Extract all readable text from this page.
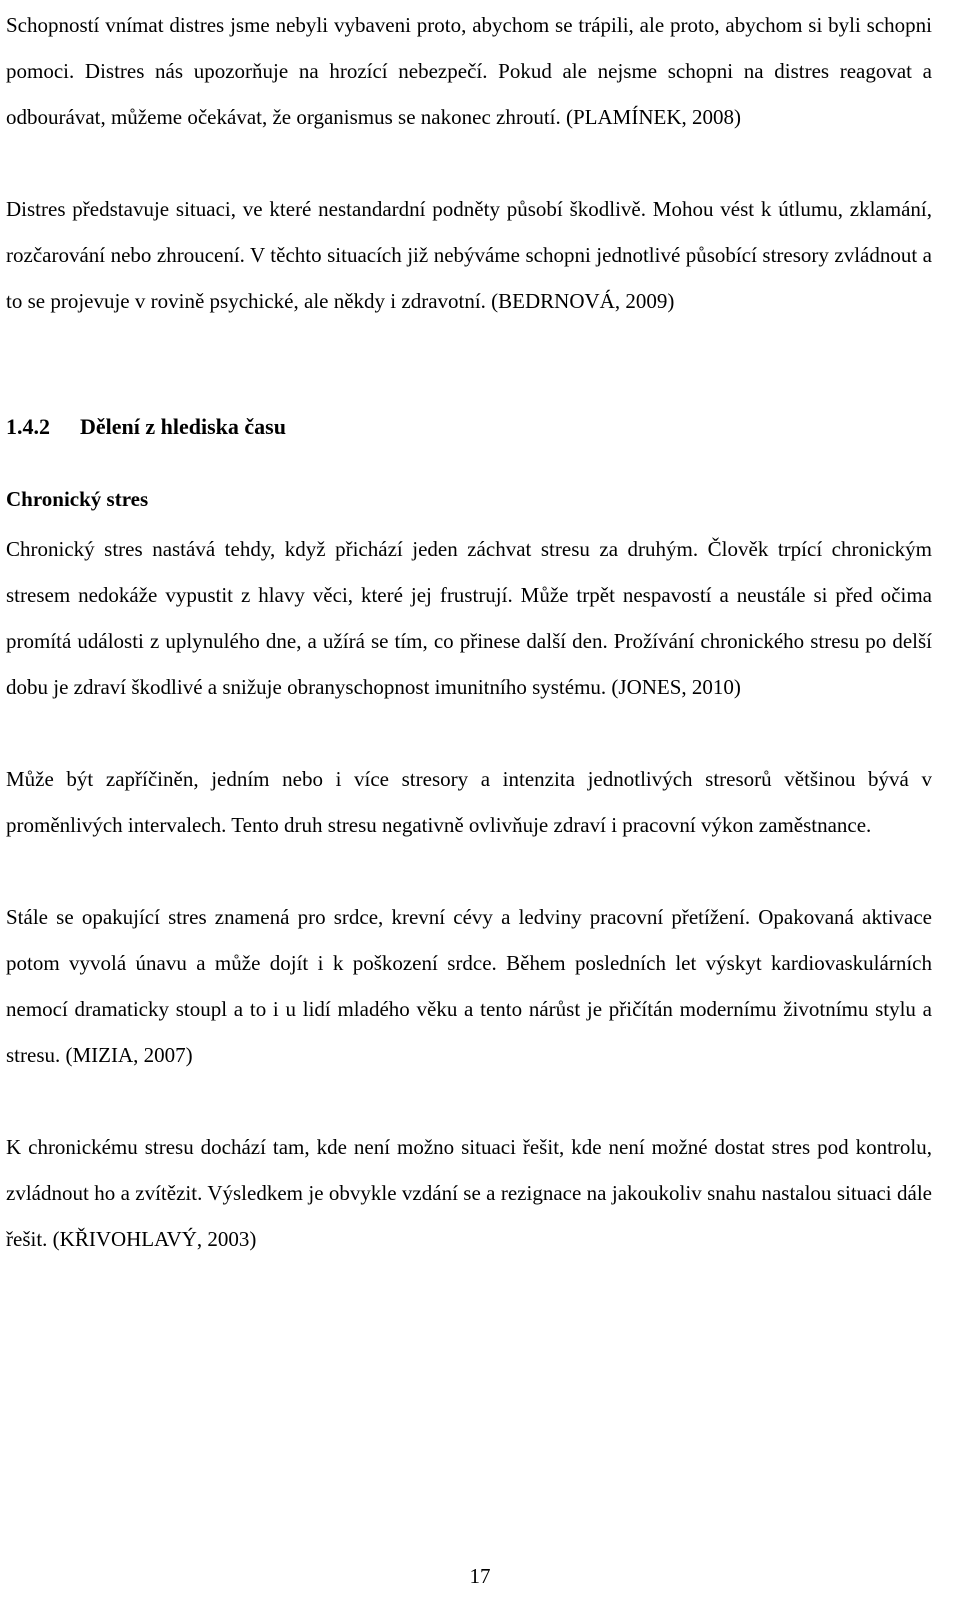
Schopností vnímat distres jsme nebyli vybaveni proto, abychom se trápili, ale proto, abychom si byli schopni pomoci. Distres nás upozorňuje na hrozící nebezpečí. Pokud ale nejsme schopni na distres reagovat a odbourávat, můžeme očekávat, že organismus se nakonec zhroutí. (PLAMÍNEK, 2008)

Distres představuje situaci, ve které nestandardní podněty působí škodlivě. Mohou vést k útlumu, zklamání, rozčarování nebo zhroucení. V těchto situacích již nebýváme schopni jednotlivé působící stresory zvládnout a to se projevuje v rovině psychické, ale někdy i zdravotní. (BEDRNOVÁ, 2009)

1.4.2 Dělení z hlediska času
Chronický stres

Chronický stres nastává tehdy, když přichází jeden záchvat stresu za druhým. Člověk trpící chronickým stresem nedokáže vypustit z hlavy věci, které jej frustrují. Může trpět nespavostí a neustále si před očima promítá události z uplynulého dne, a užírá se tím, co přinese další den. Prožívání chronického stresu po delší dobu je zdraví škodlivé a snižuje obranyschopnost imunitního systému. (JONES, 2010)

Může být zapříčiněn, jedním nebo i více stresory a intenzita jednotlivých stresorů většinou bývá v proměnlivých intervalech. Tento druh stresu negativně ovlivňuje zdraví i pracovní výkon zaměstnance.

Stále se opakující stres znamená pro srdce, krevní cévy a ledviny pracovní přetížení. Opakovaná aktivace potom vyvolá únavu a může dojít i k poškození srdce. Během posledních let výskyt kardiovaskulárních nemocí dramaticky stoupl a to i u lidí mladého věku a tento nárůst je přičítán modernímu životnímu stylu a stresu. (MIZIA, 2007)

K chronickému stresu dochází tam, kde není možno situaci řešit, kde není možné dostat stres pod kontrolu, zvládnout ho a zvítězit. Výsledkem je obvykle vzdání se a rezignace na jakoukoliv snahu nastalou situaci dále řešit. (KŘIVOHLAVÝ, 2003)

17
